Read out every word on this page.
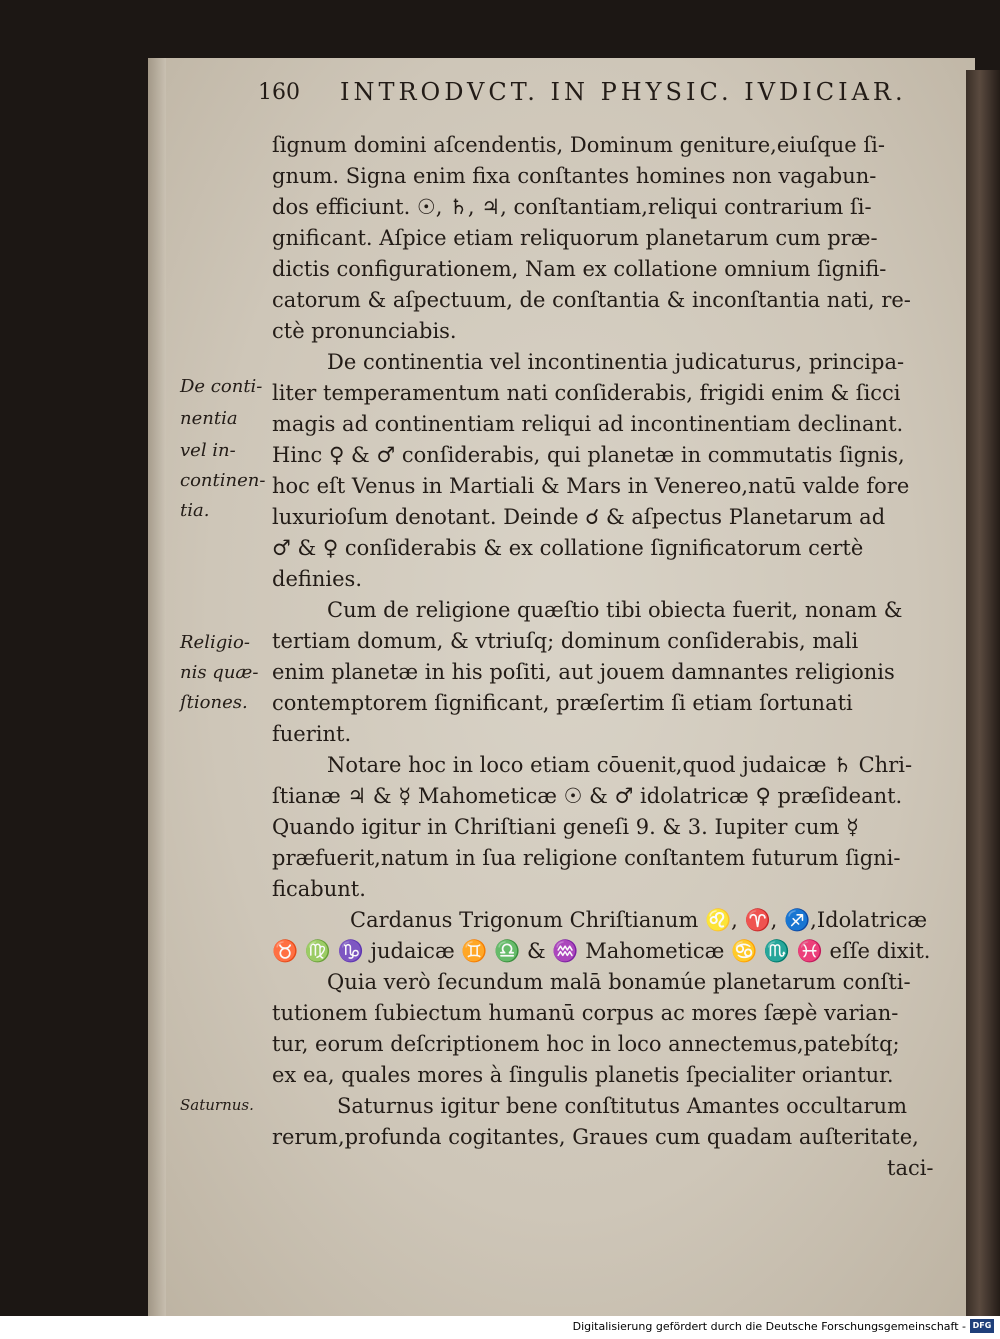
160 INTRODVCT. IN PHYSIC. IVDICIAR.
ſignum domini aſcendentis, Dominum geniture,eiuſque ſi-
gnum. Signa enim fixa conſtantes homines non vagabun-
dos efficiunt. ☉, ♄, ♃, conſtantiam,reliqui contrarium ſi-
gnificant. Aſpice etiam reliquorum planetarum cum præ-
dictis configurationem, Nam ex collatione omnium ſignifi-
catorum & aſpectuum, de conſtantia & inconſtantia nati, re-
ctè pronunciabis.
De continentia vel incontinentia judicaturus, principa-
liter temperamentum nati conſiderabis, frigidi enim & ſicci
magis ad continentiam reliqui ad incontinentiam declinant.
Hinc ♀ & ♂ conſiderabis, qui planetæ in commutatis ſignis,
hoc eſt Venus in Martiali & Mars in Venereo,natū valde fore
luxurioſum denotant. Deinde ☌ & aſpectus Planetarum ad
♂ & ♀ conſiderabis & ex collatione ſignificatorum certè
definies.
Cum de religione quæſtio tibi obiecta fuerit, nonam &
tertiam domum, & vtriuſq; dominum conſiderabis, mali
enim planetæ in his poſiti, aut jouem damnantes religionis
contemptorem ſignificant, præſertim ſi etiam ſortunati
fuerint.
Notare hoc in loco etiam cōuenit,quod judaicæ ♄ Chri-
ſtianæ ♃ & ☿ Mahometicæ ☉ & ♂ idolatricæ ♀ præſideant.
Quando igitur in Chriſtiani geneſi 9. & 3. Iupiter cum ☿
præfuerit,natum in ſua religione conſtantem futurum ſigni-
ficabunt.
Cardanus Trigonum Chriſtianum ♌, ♈, ♐,Idolatricæ
♉ ♍ ♑ judaicæ ♊ ♎ & ♒ Mahometicæ ♋ ♏ ♓ eſſe dixit.
Quia verò ſecundum malā bonamúe planetarum conſti-
tutionem ſubiectum humanū corpus ac mores ſæpè varian-
tur, eorum deſcriptionem hoc in loco annectemus,patebítq;
ex ea, quales mores à ſingulis planetis ſpecialiter oriantur.
Saturnus igitur bene conſtitutus Amantes occultarum
rerum,profunda cogitantes, Graues cum quadam auſteritate,
taci-
De conti-
nentia
vel in-
continen-
tia.
Religio-
nis quæ-
ſtiones.
Saturnus.
Digitalisierung gefördert durch die Deutsche Forschungsgemeinschaft - DFG
